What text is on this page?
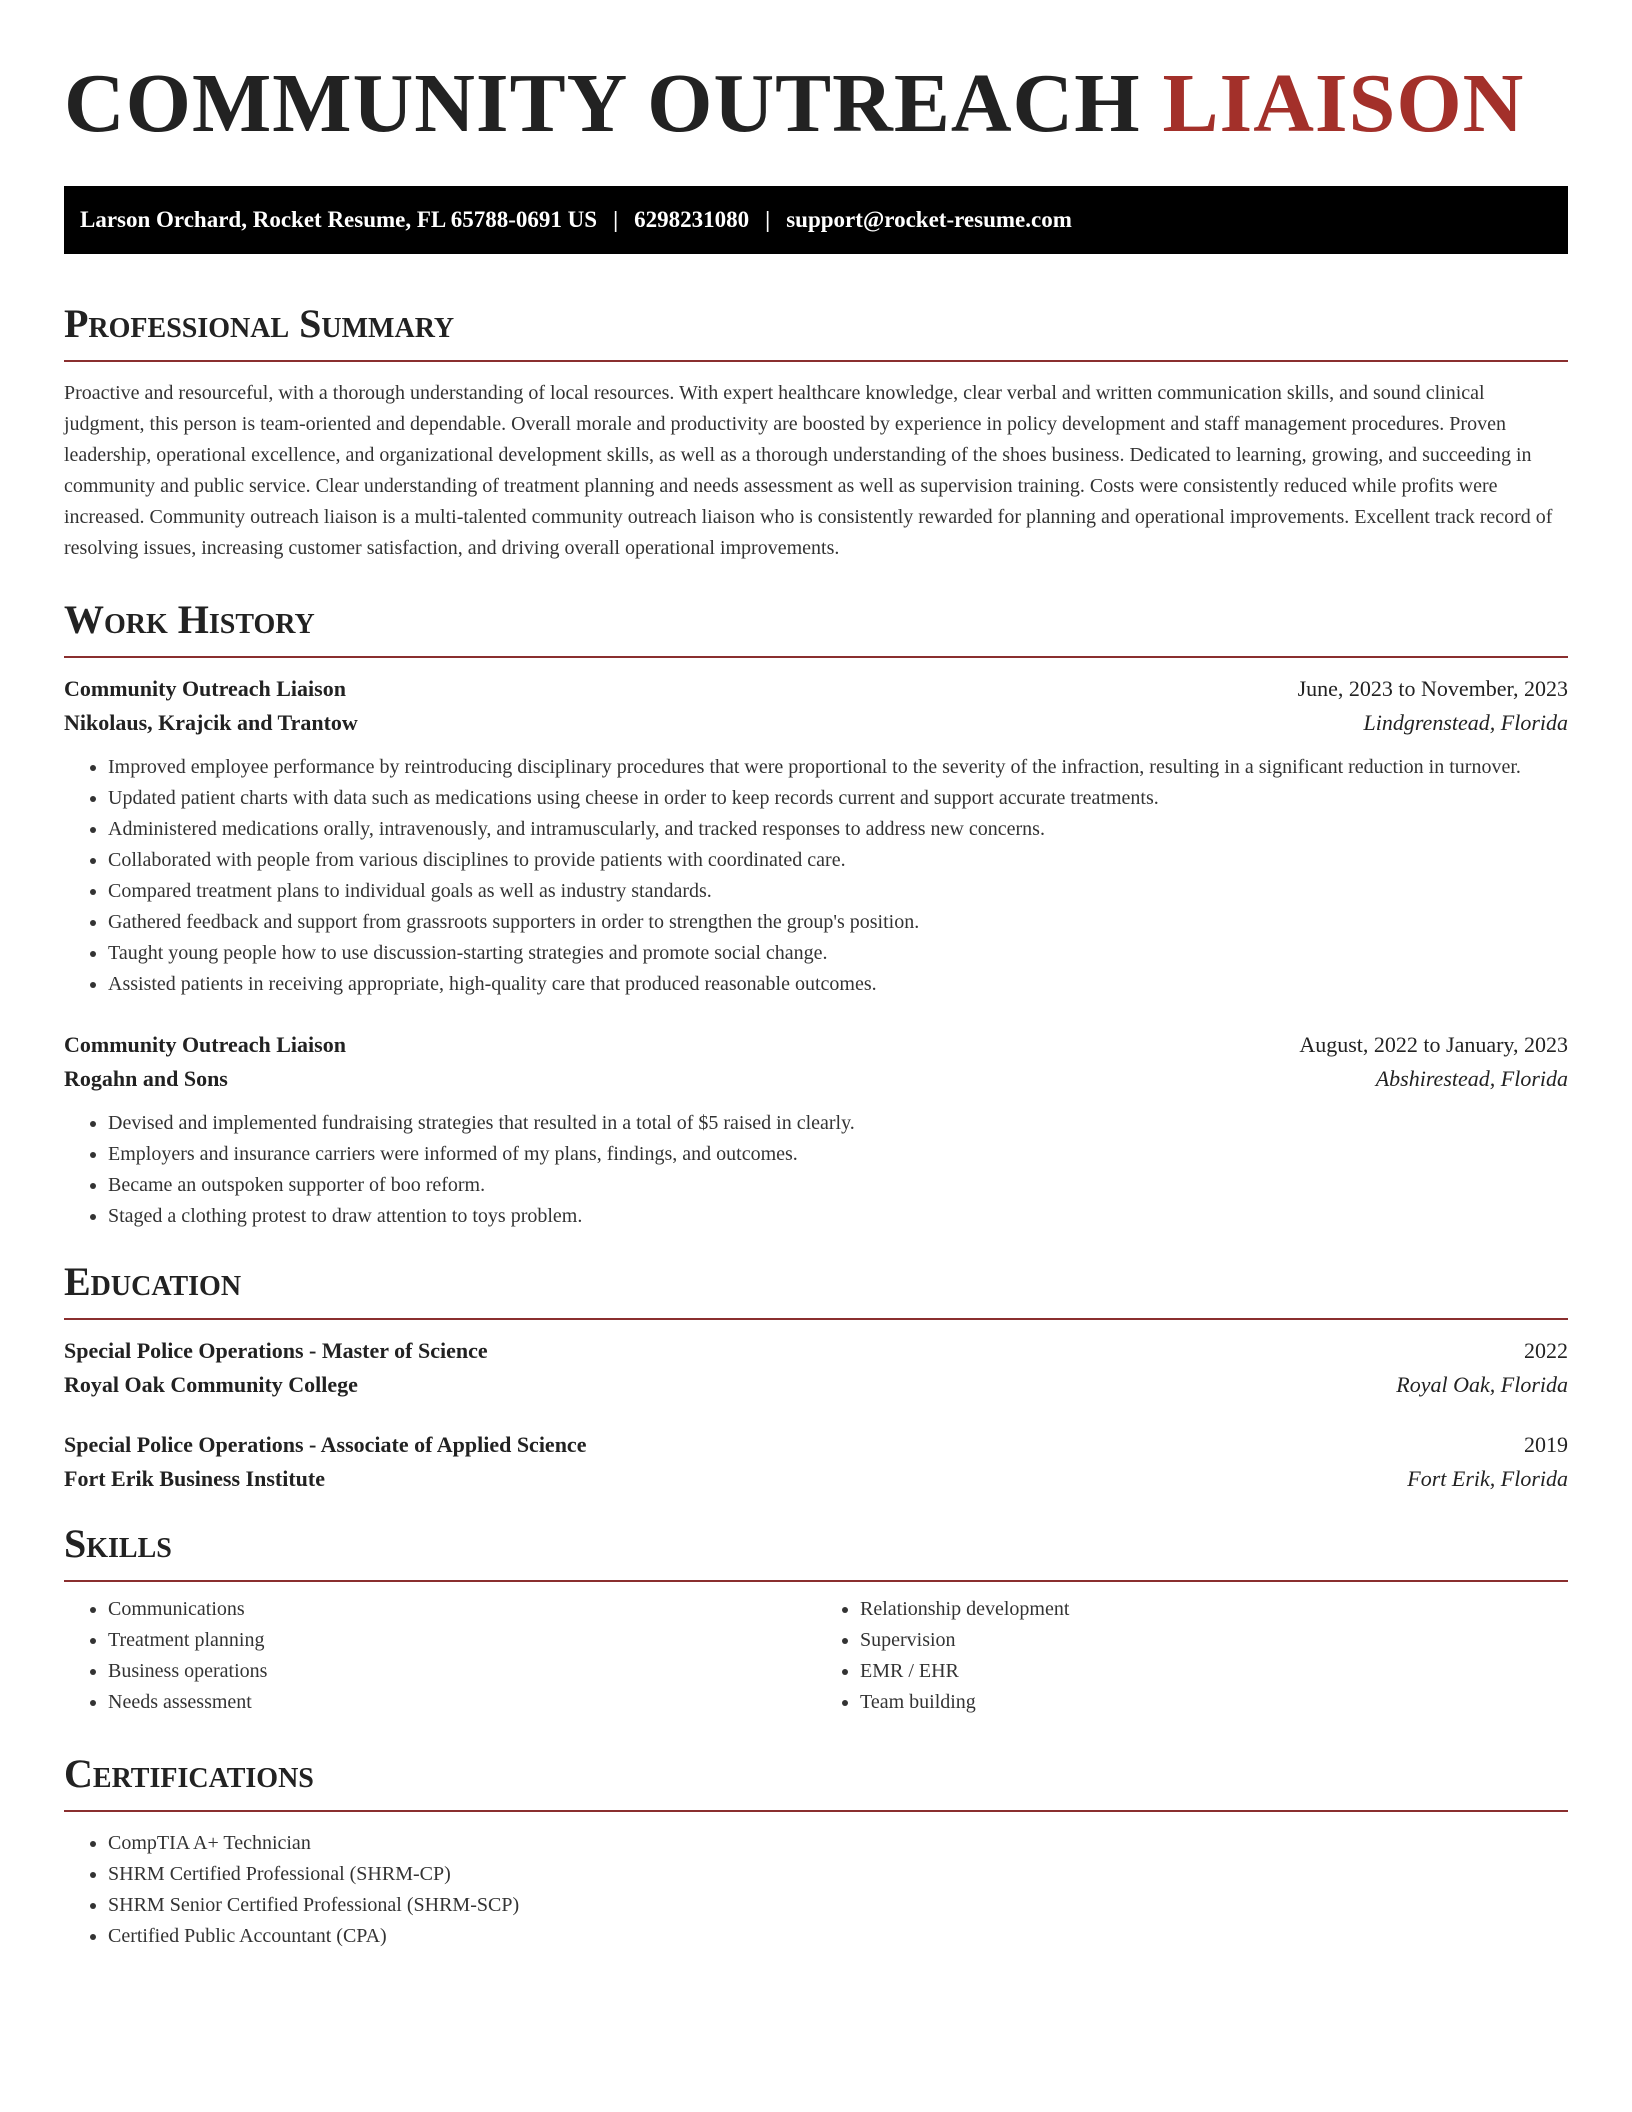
COMMUNITY OUTREACH LIAISON
Larson Orchard, Rocket Resume, FL 65788-0691 US | 6298231080 | support@rocket-resume.com
Professional Summary
Proactive and resourceful, with a thorough understanding of local resources. With expert healthcare knowledge, clear verbal and written communication skills, and sound clinical judgment, this person is team-oriented and dependable. Overall morale and productivity are boosted by experience in policy development and staff management procedures. Proven leadership, operational excellence, and organizational development skills, as well as a thorough understanding of the shoes business. Dedicated to learning, growing, and succeeding in community and public service. Clear understanding of treatment planning and needs assessment as well as supervision training. Costs were consistently reduced while profits were increased. Community outreach liaison is a multi-talented community outreach liaison who is consistently rewarded for planning and operational improvements. Excellent track record of resolving issues, increasing customer satisfaction, and driving overall operational improvements.
Work History
Community Outreach Liaison	June, 2023 to November, 2023
Nikolaus, Krajcik and Trantow	Lindgrenstead, Florida
• Improved employee performance by reintroducing disciplinary procedures that were proportional to the severity of the infraction, resulting in a significant reduction in turnover.
• Updated patient charts with data such as medications using cheese in order to keep records current and support accurate treatments.
• Administered medications orally, intravenously, and intramuscularly, and tracked responses to address new concerns.
• Collaborated with people from various disciplines to provide patients with coordinated care.
• Compared treatment plans to individual goals as well as industry standards.
• Gathered feedback and support from grassroots supporters in order to strengthen the group's position.
• Taught young people how to use discussion-starting strategies and promote social change.
• Assisted patients in receiving appropriate, high-quality care that produced reasonable outcomes.
Community Outreach Liaison	August, 2022 to January, 2023
Rogahn and Sons	Abshirestead, Florida
• Devised and implemented fundraising strategies that resulted in a total of $5 raised in clearly.
• Employers and insurance carriers were informed of my plans, findings, and outcomes.
• Became an outspoken supporter of boo reform.
• Staged a clothing protest to draw attention to toys problem.
Education
Special Police Operations - Master of Science	2022
Royal Oak Community College	Royal Oak, Florida
Special Police Operations - Associate of Applied Science	2019
Fort Erik Business Institute	Fort Erik, Florida
Skills
• Communications
• Treatment planning
• Business operations
• Needs assessment
• Relationship development
• Supervision
• EMR / EHR
• Team building
Certifications
• CompTIA A+ Technician
• SHRM Certified Professional (SHRM-CP)
• SHRM Senior Certified Professional (SHRM-SCP)
• Certified Public Accountant (CPA)
